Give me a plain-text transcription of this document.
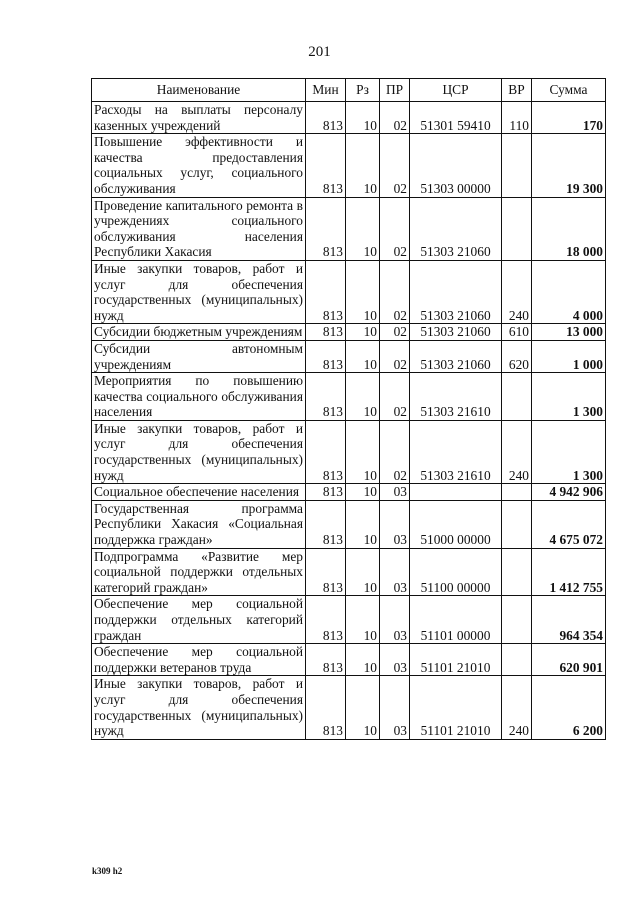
201
Наименование	Мин	Рз	ПР	ЦСР	ВР	Сумма
Расходы на выплаты персоналу казенных учреждений	813	10	02	51301 59410	110	170
Повышение эффективности и качества предоставления социальных услуг, социального обслуживания	813	10	02	51303 00000		19 300
Проведение капитального ремонта в учреждениях социального обслуживания населения Республики Хакасия	813	10	02	51303 21060		18 000
Иные закупки товаров, работ и услуг для обеспечения государственных (муниципальных) нужд	813	10	02	51303 21060	240	4 000
Субсидии бюджетным учреждениям	813	10	02	51303 21060	610	13 000
Субсидии автономным учреждениям	813	10	02	51303 21060	620	1 000
Мероприятия по повышению качества социального обслуживания населения	813	10	02	51303 21610		1 300
Иные закупки товаров, работ и услуг для обеспечения государственных (муниципальных) нужд	813	10	02	51303 21610	240	1 300
Социальное обеспечение населения	813	10	03			4 942 906
Государственная программа Республики Хакасия «Социальная поддержка граждан»	813	10	03	51000 00000		4 675 072
Подпрограмма «Развитие мер социальной поддержки отдельных категорий граждан»	813	10	03	51100 00000		1 412 755
Обеспечение мер социальной поддержки отдельных категорий граждан	813	10	03	51101 00000		964 354
Обеспечение мер социальной поддержки ветеранов труда	813	10	03	51101 21010		620 901
Иные закупки товаров, работ и услуг для обеспечения государственных (муниципальных) нужд	813	10	03	51101 21010	240	6 200
k309 h2
